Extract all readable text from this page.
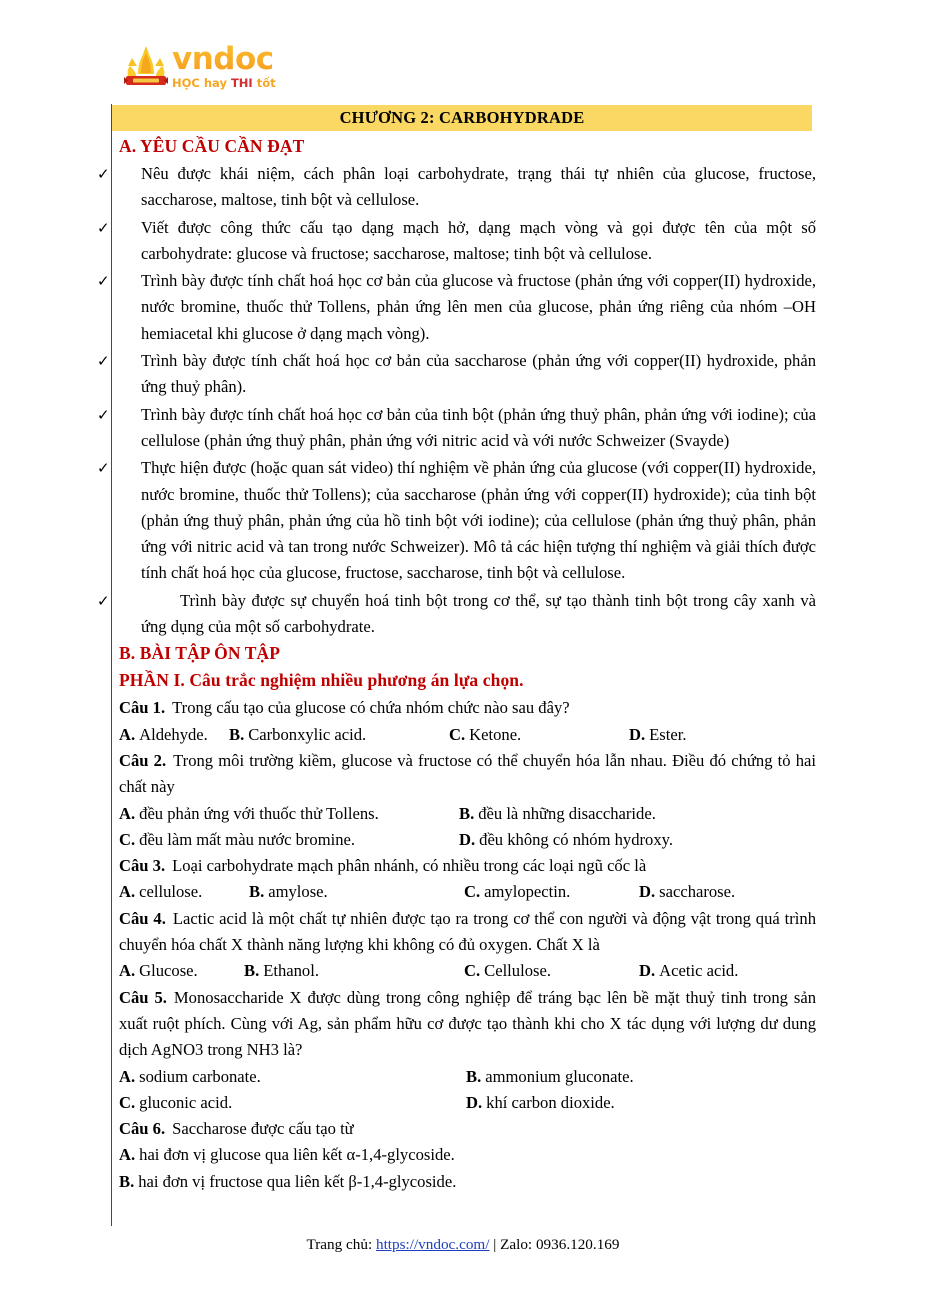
vndoc
HỌC hay THI tốt
CHƯƠNG 2: CARBOHYDRADE
A. YÊU CẦU CẦN ĐẠT
✓ Nêu được khái niệm, cách phân loại carbohydrate, trạng thái tự nhiên của glucose, fructose, saccharose, maltose, tinh bột và cellulose.
✓ Viết được công thức cấu tạo dạng mạch hở, dạng mạch vòng và gọi được tên của một số carbohydrate: glucose và fructose; saccharose, maltose; tinh bột và cellulose.
✓ Trình bày được tính chất hoá học cơ bản của glucose và fructose (phản ứng với copper(II) hydroxide, nước bromine, thuốc thử Tollens, phản ứng lên men của glucose, phản ứng riêng của nhóm –OH hemiacetal khi glucose ở dạng mạch vòng).
✓ Trình bày được tính chất hoá học cơ bản của saccharose (phản ứng với copper(II) hydroxide, phản ứng thuỷ phân).
✓ Trình bày được tính chất hoá học cơ bản của tinh bột (phản ứng thuỷ phân, phản ứng với iodine); của cellulose (phản ứng thuỷ phân, phản ứng với nitric acid và với nước Schweizer (Svayde)
✓ Thực hiện được (hoặc quan sát video) thí nghiệm về phản ứng của glucose (với copper(II) hydroxide, nước bromine, thuốc thử Tollens); của saccharose (phản ứng với copper(II) hydroxide); của tinh bột (phản ứng thuỷ phân, phản ứng của hồ tinh bột với iodine); của cellulose (phản ứng thuỷ phân, phản ứng với nitric acid và tan trong nước Schweizer). Mô tả các hiện tượng thí nghiệm và giải thích được tính chất hoá học của glucose, fructose, saccharose, tinh bột và cellulose.
✓	Trình bày được sự chuyển hoá tinh bột trong cơ thể, sự tạo thành tinh bột trong cây xanh và ứng dụng của một số carbohydrate.
B. BÀI TẬP ÔN TẬP
PHẦN I. Câu trắc nghiệm nhiều phương án lựa chọn.
Câu 1. Trong cấu tạo của glucose có chứa nhóm chức nào sau đây?
A. Aldehyde. B. Carbonxylic acid.	C. Ketone.	D. Ester.
Câu 2. Trong môi trường kiềm, glucose và fructose có thể chuyển hóa lẫn nhau. Điều đó chứng tỏ hai chất này
A. đều phản ứng với thuốc thử Tollens.	B. đều là những disaccharide.
C. đều làm mất màu nước bromine.	D. đều không có nhóm hydroxy.
Câu 3. Loại carbohydrate mạch phân nhánh, có nhiều trong các loại ngũ cốc là
A. cellulose.	B. amylose.	C. amylopectin.	D. saccharose.
Câu 4. Lactic acid là một chất tự nhiên được tạo ra trong cơ thể con người và động vật trong quá trình chuyển hóa chất X thành năng lượng khi không có đủ oxygen. Chất X là
A. Glucose.	B. Ethanol.	C. Cellulose.	D. Acetic acid.
Câu 5. Monosaccharide X được dùng trong công nghiệp để tráng bạc lên bề mặt thuỷ tinh trong sản xuất ruột phích. Cùng với Ag, sản phẩm hữu cơ được tạo thành khi cho X tác dụng với lượng dư dung dịch AgNO3 trong NH3 là?
A. sodium carbonate.	B. ammonium gluconate.
C. gluconic acid.	D. khí carbon dioxide.
Câu 6. Saccharose được cấu tạo từ
A. hai đơn vị glucose qua liên kết α-1,4-glycoside.
B. hai đơn vị fructose qua liên kết β-1,4-glycoside.
Trang chủ: https://vndoc.com/ | Zalo: 0936.120.169
